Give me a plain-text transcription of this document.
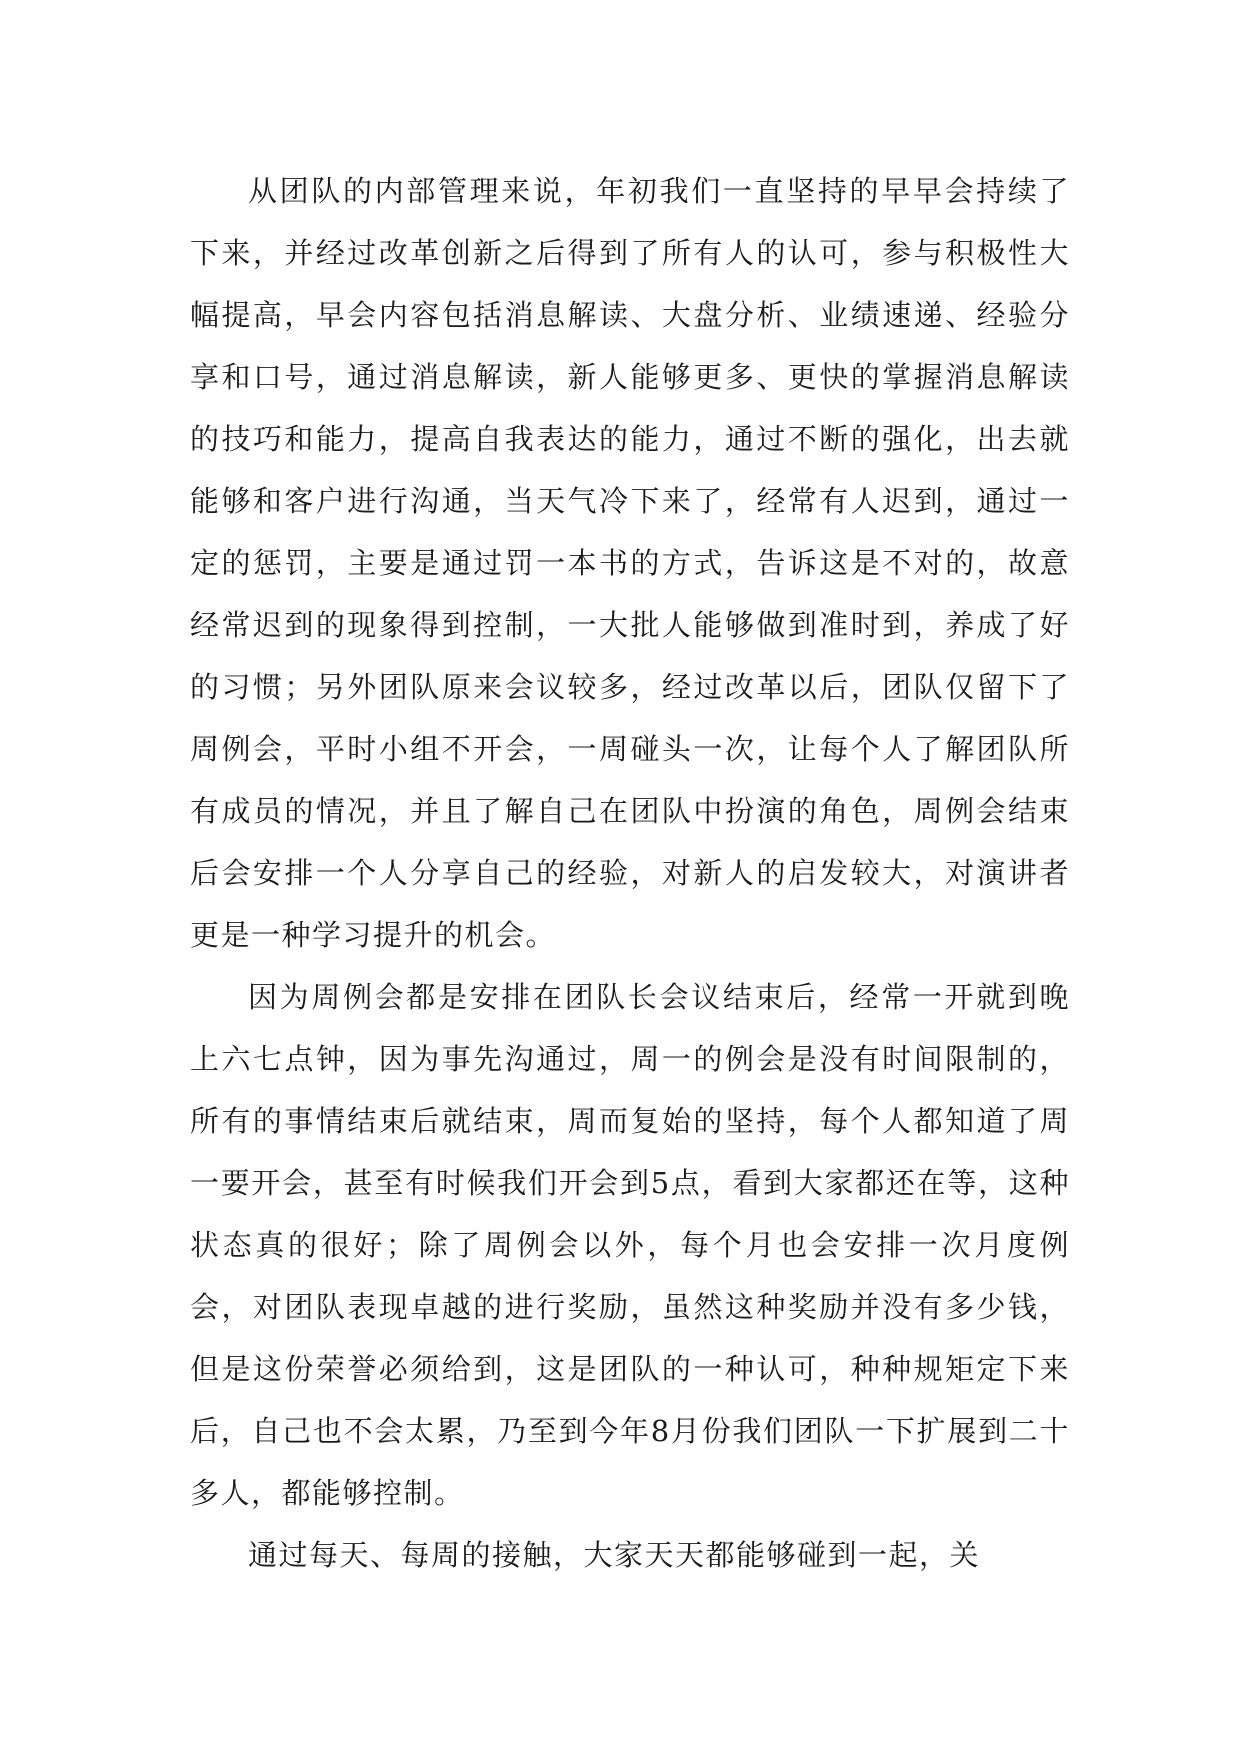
从团队的内部管理来说，年初我们一直坚持的早早会持续了下来，并经过改革创新之后得到了所有人的认可，参与积极性大幅提高，早会内容包括消息解读、大盘分析、业绩速递、经验分享和口号，通过消息解读，新人能够更多、更快的掌握消息解读的技巧和能力，提高自我表达的能力，通过不断的强化，出去就能够和客户进行沟通，当天气冷下来了，经常有人迟到，通过一定的惩罚，主要是通过罚一本书的方式，告诉这是不对的，故意经常迟到的现象得到控制，一大批人能够做到准时到，养成了好的习惯；另外团队原来会议较多，经过改革以后，团队仅留下了周例会，平时小组不开会，一周碰头一次，让每个人了解团队所有成员的情况，并且了解自己在团队中扮演的角色，周例会结束后会安排一个人分享自己的经验，对新人的启发较大，对演讲者更是一种学习提升的机会。

因为周例会都是安排在团队长会议结束后，经常一开就到晚上六七点钟，因为事先沟通过，周一的例会是没有时间限制的，所有的事情结束后就结束，周而复始的坚持，每个人都知道了周一要开会，甚至有时候我们开会到5点，看到大家都还在等，这种状态真的很好；除了周例会以外，每个月也会安排一次月度例会，对团队表现卓越的进行奖励，虽然这种奖励并没有多少钱，但是这份荣誉必须给到，这是团队的一种认可，种种规矩定下来后，自己也不会太累，乃至到今年8月份我们团队一下扩展到二十多人，都能够控制。

通过每天、每周的接触，大家天天都能够碰到一起，关
